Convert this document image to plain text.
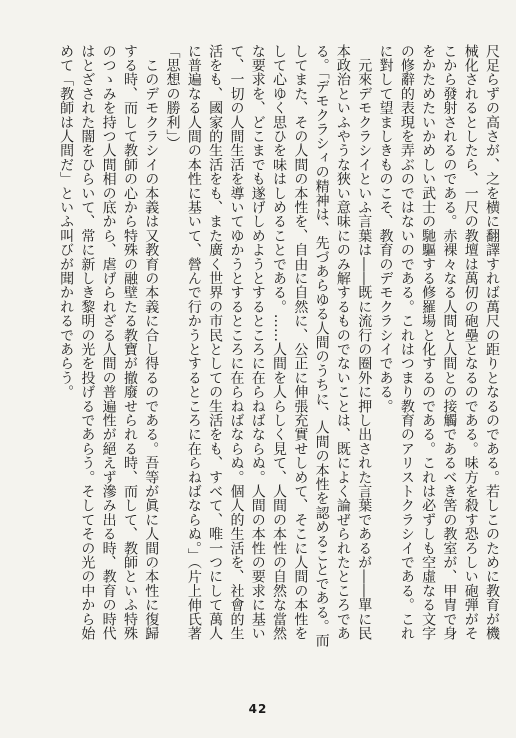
尺足らずの高さが、之を横に翻譯すれば萬尺の距りとなるのである。若しこのために教育が機械化されるとしたら、一尺の教壇は萬仞の砲壘となるのである。味方を殺す恐ろしい砲弾がそこから發射されるのである。赤裸々なる人間と人間との接觸であるべき筈の教室が、甲冑で身をかためたいかめしい武士の馳驅する修羅場と化するのである。これは必ずしも空虛なる文字の修辭的表現を弄ぶのではないのである。これはつまり教育のアリストクラシイである。これに對して望ましきものこそ、教育のデモクラシイである。
元來デモクラシイといふ言葉は――既に流行の圈外に押し出された言葉であるが――單に民本政治といふやうな狹い意味にのみ解するものでないことは、既によく論ぜられたところである。「デモクラシィの精神は、先づあらゆる人間のうちに、人間の本性を認めることである。而してまた、その人間の本性を、自由に自然に、公正に伸張充實せしめて、そこに人間の本性をして心ゆく思ひを味はしめることである。……人間を人らしく見て、人間の本性の自然な當然な要求を、どこまでも遂げしめようとするところに在らねばならぬ。人間の本性の要求に基いて、一切の人間生活を導いてゆかうとするところに在らねばならぬ。個人的生活を、社會的生活をも、國家的生活をも、また廣く世界の市民としての生活をも、すべて、唯一つにして萬人に普遍なる人間の本性に基いて、營んで行かうとするところに在らねばならぬ。」（片上伸氏著「思想の勝利」）
このデモクラシイの本義は又教育の本義に合し得るのである。吾等が眞に人間の本性に復歸する時、而して教師の心から特殊の融壁たる教寶が撤廢せられる時、而して、教師といふ特殊のつゝみを持つ人間相の底から、虐げられざる人間の普遍性が絕えず滲み出る時、教育の時代はとざされた闇をひらいて、常に新しき黎明の光を投げるであらう。そしてその光の中から始めて「教師は人間だ」といふ叫びが聞かれるであらう。
42
